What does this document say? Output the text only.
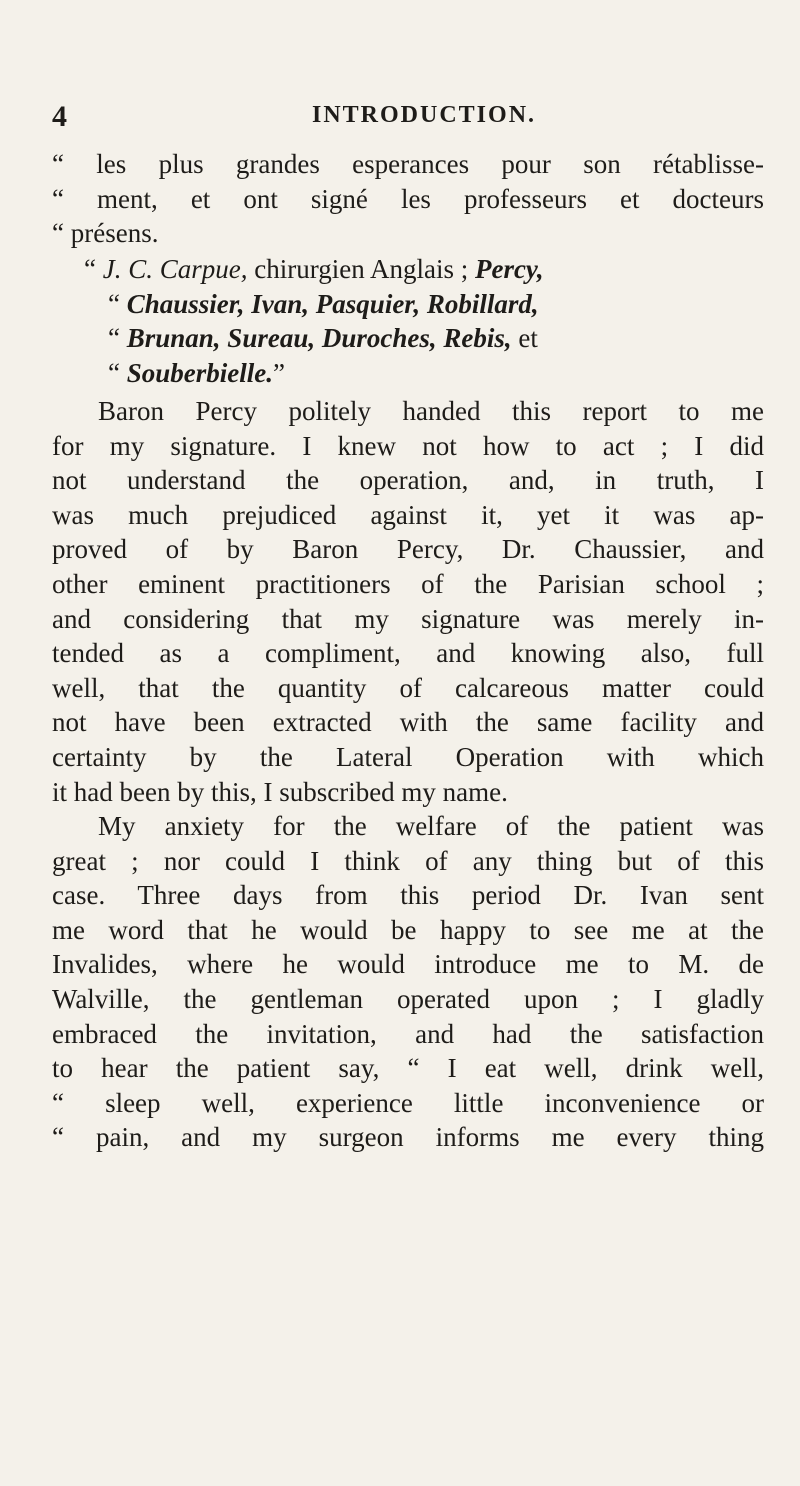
4	INTRODUCTION.
“ les plus grandes esperances pour son rétablisse-
“ ment, et ont signé les professeurs et docteurs
“ présens.
“ J. C. Carpue, chirurgien Anglais ; Percy,
“ Chaussier, Ivan, Pasquier, Robillard,
“ Brunan, Sureau, Duroches, Rebis, et
“ Souberbielle.”
Baron Percy politely handed this report to me
for my signature. I knew not how to act ; I did
not understand the operation, and, in truth, I
was much prejudiced against it, yet it was ap-
proved of by Baron Percy, Dr. Chaussier, and
other eminent practitioners of the Parisian school ;
and considering that my signature was merely in-
tended as a compliment, and knowing also, full
well, that the quantity of calcareous matter could
not have been extracted with the same facility and
certainty by the Lateral Operation with which
it had been by this, I subscribed my name.
My anxiety for the welfare of the patient was
great ; nor could I think of any thing but of this
case. Three days from this period Dr. Ivan sent
me word that he would be happy to see me at the
Invalides, where he would introduce me to M. de
Walville, the gentleman operated upon ; I gladly
embraced the invitation, and had the satisfaction
to hear the patient say, “ I eat well, drink well,
“ sleep well, experience little inconvenience or
“ pain, and my surgeon informs me every thing
